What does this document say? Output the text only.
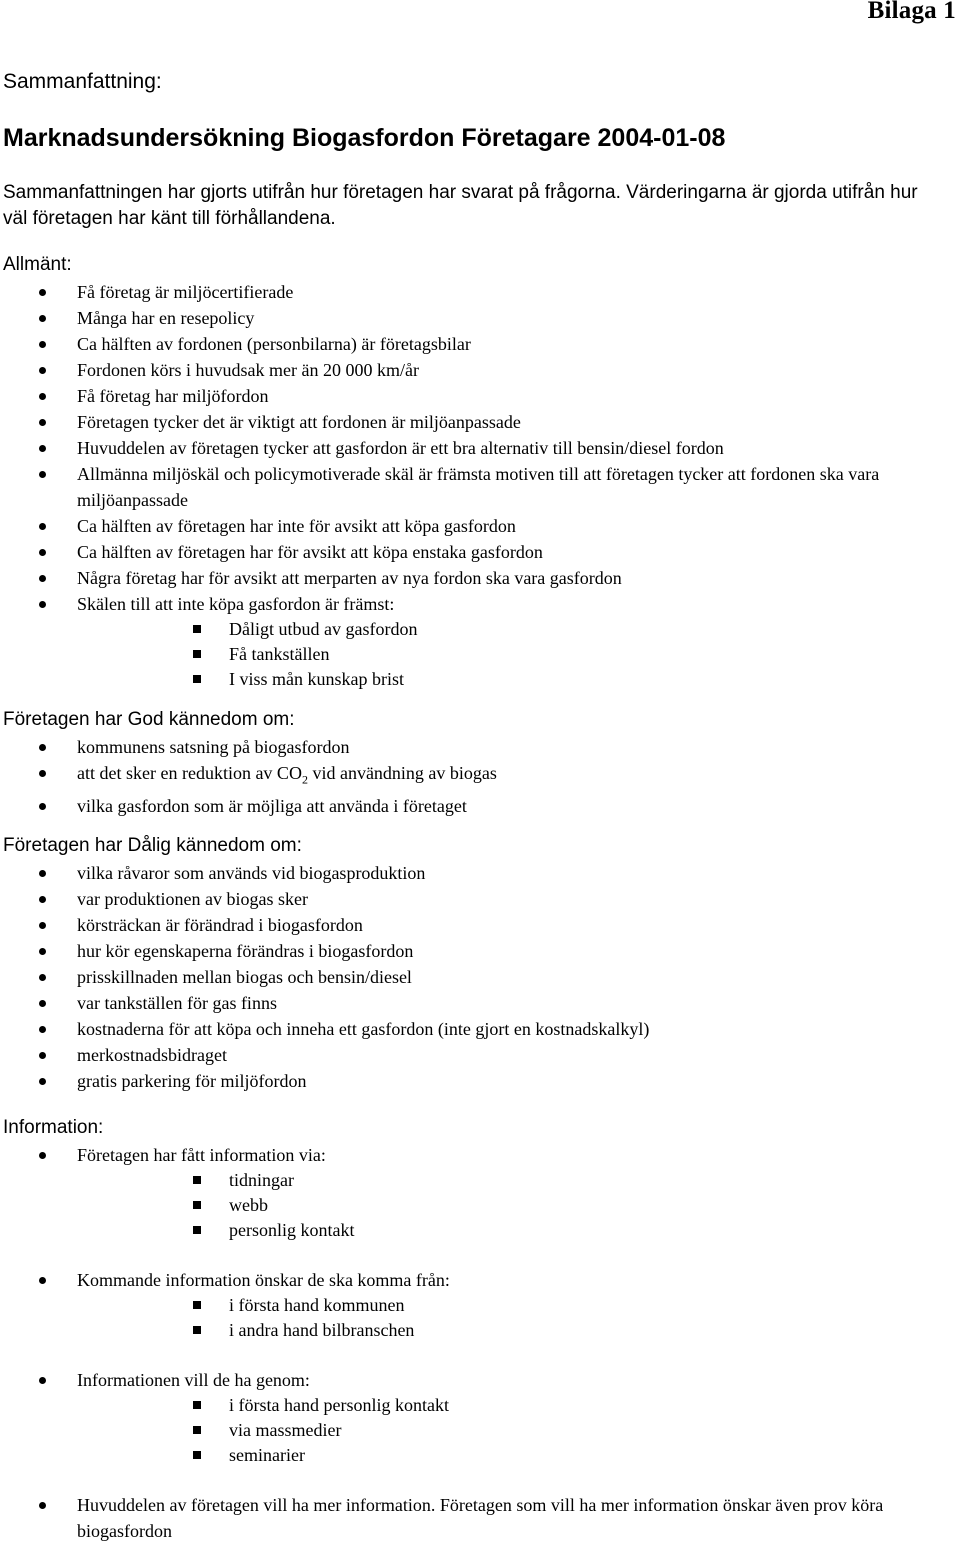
Bilaga 1
Sammanfattning:
Marknadsundersökning Biogasfordon Företagare 2004-01-08
Sammanfattningen har gjorts utifrån hur företagen har svarat på frågorna. Värderingarna är gjorda utifrån hur väl företagen har känt till förhållandena.
Allmänt:
Få företag är miljöcertifierade
Många har en resepolicy
Ca hälften av fordonen (personbilarna) är företagsbilar
Fordonen körs i huvudsak mer än 20 000 km/år
Få företag har miljöfordon
Företagen tycker det är viktigt att fordonen är miljöanpassade
Huvuddelen av företagen tycker att gasfordon är ett bra alternativ till bensin/diesel fordon
Allmänna miljöskäl och policymotiverade skäl är främsta motiven till att företagen tycker att fordonen ska vara miljöanpassade
Ca hälften av företagen har inte för avsikt att köpa gasfordon
Ca hälften av företagen har för avsikt att köpa enstaka gasfordon
Några företag har för avsikt att merparten av nya fordon ska vara gasfordon
Skälen till att inte köpa gasfordon är främst:
Dåligt utbud av gasfordon
Få tankställen
I viss mån kunskap brist
Företagen har God kännedom om:
kommunens satsning på biogasfordon
att det sker en reduktion av $CO_2$ vid användning av biogas
vilka gasfordon som är möjliga att använda i företaget
Företagen har Dålig kännedom om:
vilka råvaror som används vid biogasproduktion
var produktionen av biogas sker
körsträckan är förändrad i biogasfordon
hur kör egenskaperna förändras i biogasfordon
prisskillnaden mellan biogas och bensin/diesel
var tankställen för gas finns
kostnaderna för att köpa och inneha ett gasfordon (inte gjort en kostnadskalkyl)
merkostnadsbidraget
gratis parkering för miljöfordon
Information:
Företagen har fått information via:
tidningar
webb
personlig kontakt
Kommande information önskar de ska komma från:
i första hand kommunen
i andra hand bilbranschen
Informationen vill de ha genom:
i första hand personlig kontakt
via massmedier
seminarier
Huvuddelen av företagen vill ha mer information. Företagen som vill ha mer information önskar även prov köra biogasfordon
